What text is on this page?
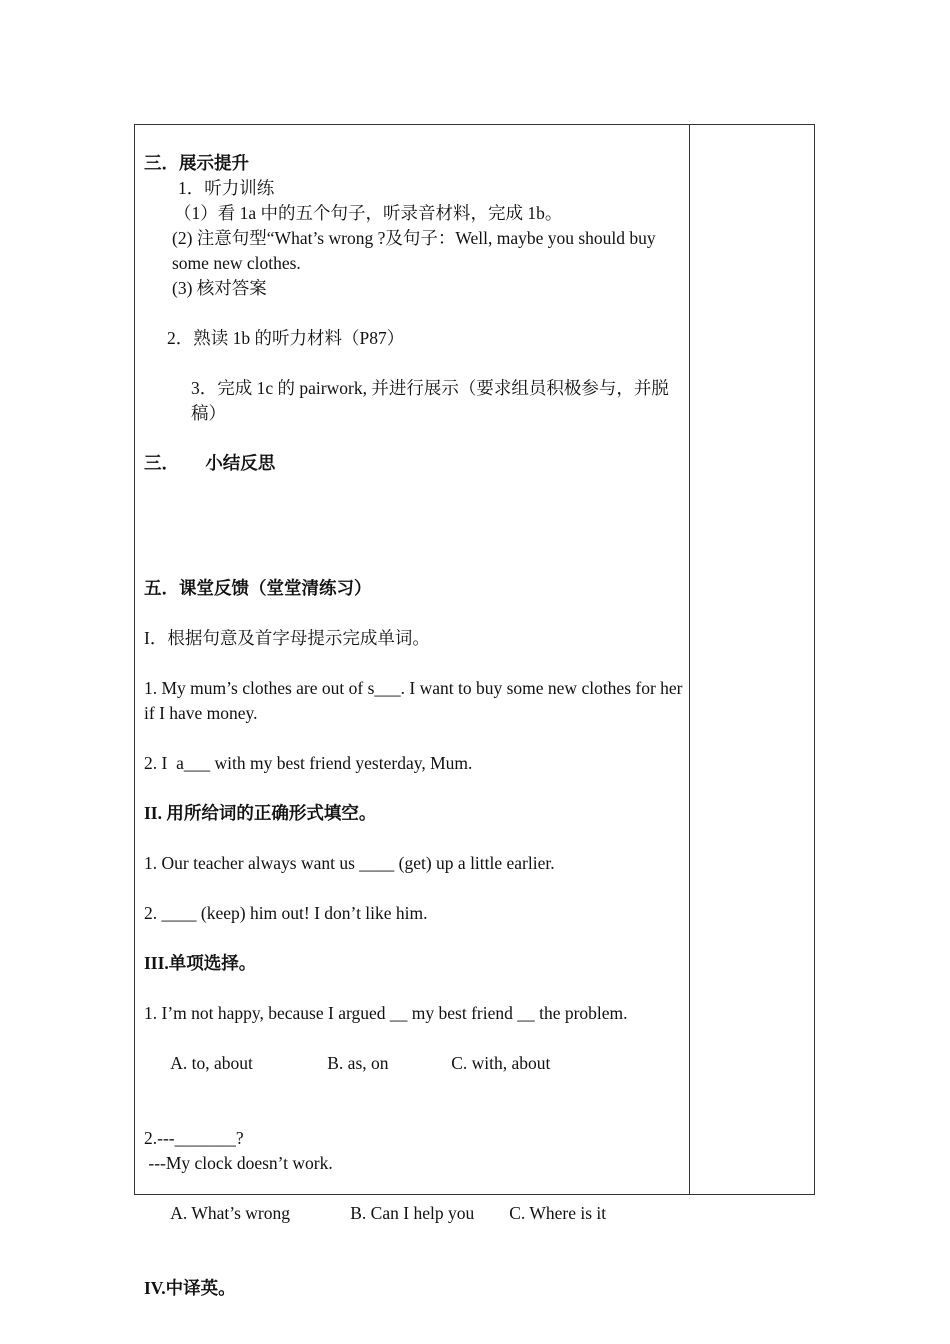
三．展示提升

1．听力训练

（1）看 1a 中的五个句子，听录音材料，完成 1b。

(2) 注意句型“What’s wrong ?及句子：Well, maybe you should buy some new clothes.

(3) 核对答案

2．熟读 1b 的听力材料（P87）

3．完成 1c 的 pairwork, 并进行展示（要求组员积极参与，并脱稿）

三．      小结反思

五．课堂反馈（堂堂清练习）

I．根据句意及首字母提示完成单词。

1. My mum’s clothes are out of s___. I want to buy some new clothes for her if I have money.

2. I  a___ with my best friend yesterday, Mum.

II. 用所给词的正确形式填空。

1. Our teacher always want us ____ (get) up a little earlier.

2. ____ (keep) him out! I don’t like him.

III.单项选择。

1. I’m not happy, because I argued __ my best friend __ the problem.

A. to, about	B. as, on	C. with, about

2.---_______?

---My clock doesn’t work.

A. What’s wrong	B. Can I help you C. Where is it

IV.中译英。
